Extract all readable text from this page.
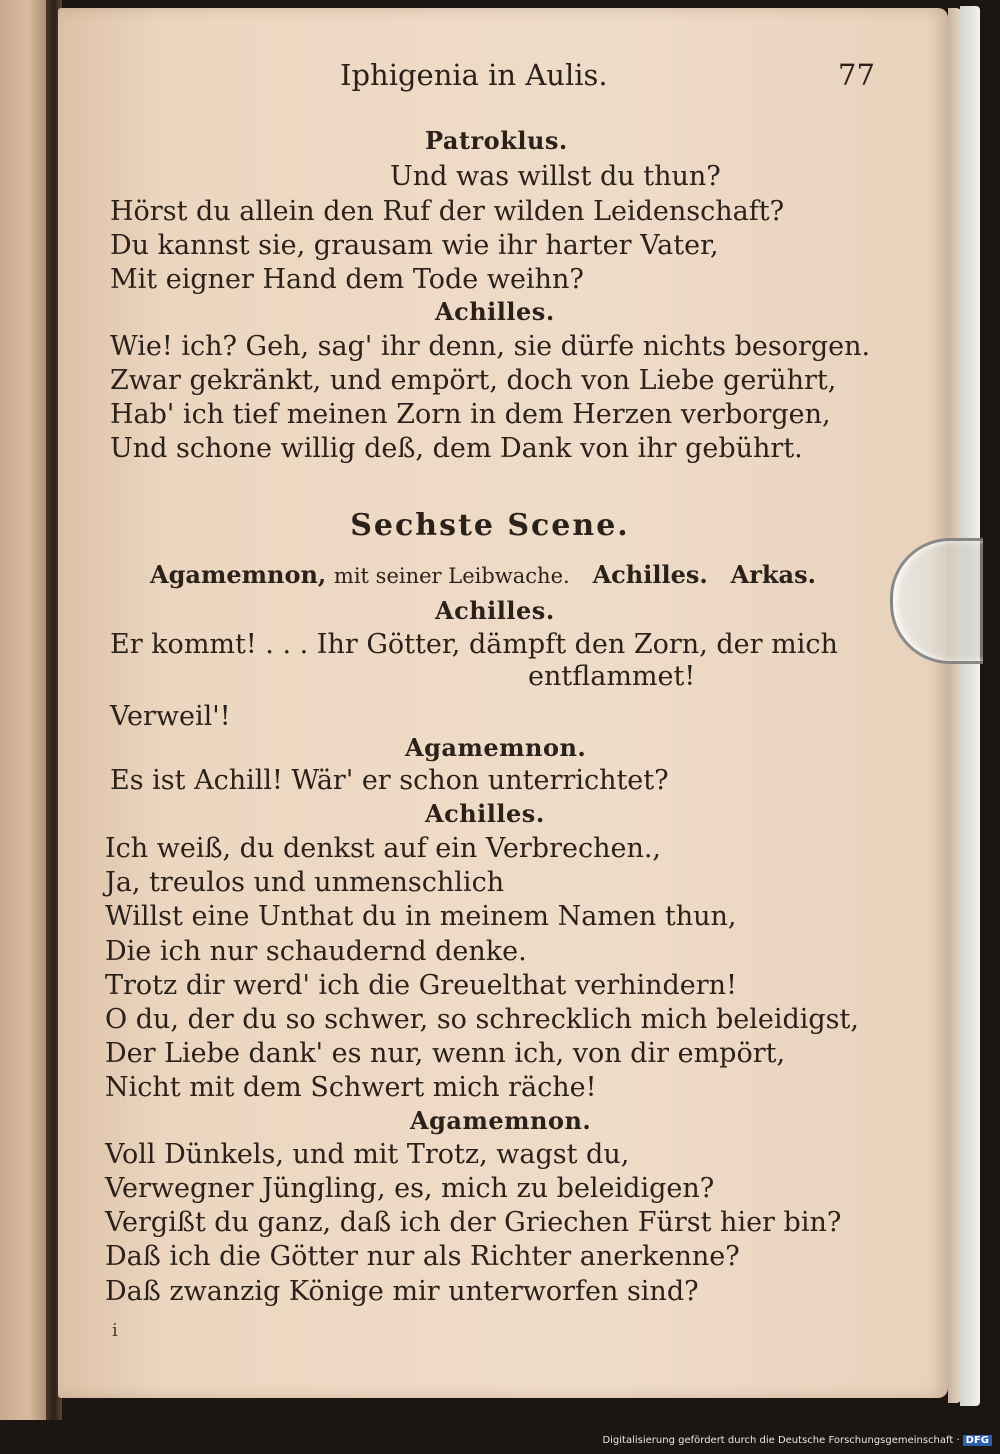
Iphigenia in Aulis.	77
Patroklus.
Und was willst du thun?
Hörst du allein den Ruf der wilden Leidenschaft?
Du kannst sie, grausam wie ihr harter Vater,
Mit eigner Hand dem Tode weihn?
Achilles.
Wie! ich? Geh, sag' ihr denn, sie dürfe nichts besorgen.
Zwar gekränkt, und empört, doch von Liebe gerührt,
Hab' ich tief meinen Zorn in dem Herzen verborgen,
Und schone willig deß, dem Dank von ihr gebührt.
Sechste Scene.
Agamemnon, mit seiner Leibwache. Achilles. Arkas.
Achilles.
Er kommt! . . . Ihr Götter, dämpft den Zorn, der mich
entflammet!
Verweil'!
Agamemnon.
Es ist Achill! Wär' er schon unterrichtet?
Achilles.
Ich weiß, du denkst auf ein Verbrechen.,
Ja, treulos und unmenschlich
Willst eine Unthat du in meinem Namen thun,
Die ich nur schaudernd denke.
Trotz dir werd' ich die Greuelthat verhindern!
O du, der du so schwer, so schrecklich mich beleidigst,
Der Liebe dank' es nur, wenn ich, von dir empört,
Nicht mit dem Schwert mich räche!
Agamemnon.
Voll Dünkels, und mit Trotz, wagst du,
Verwegner Jüngling, es, mich zu beleidigen?
Vergißt du ganz, daß ich der Griechen Fürst hier bin?
Daß ich die Götter nur als Richter anerkenne?
Daß zwanzig Könige mir unterworfen sind?
i
Digitalisierung gefördert durch die Deutsche Forschungsgemeinschaft · DFG
